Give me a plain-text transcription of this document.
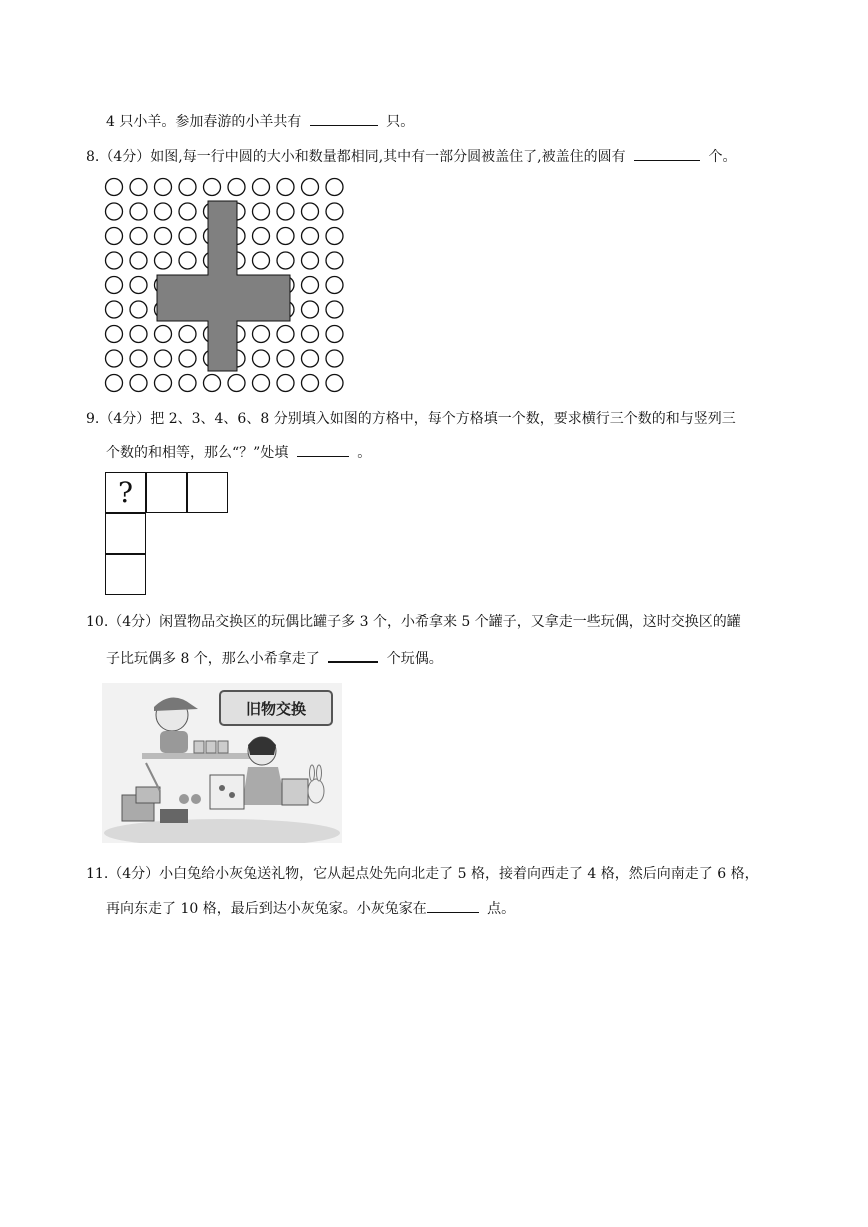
4 只小羊。参加春游的小羊共有	只。
8.（4分）如图,每一行中圆的大小和数量都相同,其中有一部分圆被盖住了,被盖住的圆有	个。
9.（4分）把 2、3、4、6、8 分别填入如图的方格中，每个方格填一个数，要求横行三个数的和与竖列三
个数的和相等，那么“？”处填	。
?
10.（4分）闲置物品交换区的玩偶比罐子多 3 个，小希拿来 5 个罐子，又拿走一些玩偶，这时交换区的罐
子比玩偶多 8 个，那么小希拿走了	个玩偶。
旧物交换
11.（4分）小白兔给小灰兔送礼物，它从起点处先向北走了 5 格，接着向西走了 4 格，然后向南走了 6 格，
再向东走了 10 格，最后到达小灰兔家。小灰兔家在	点。
